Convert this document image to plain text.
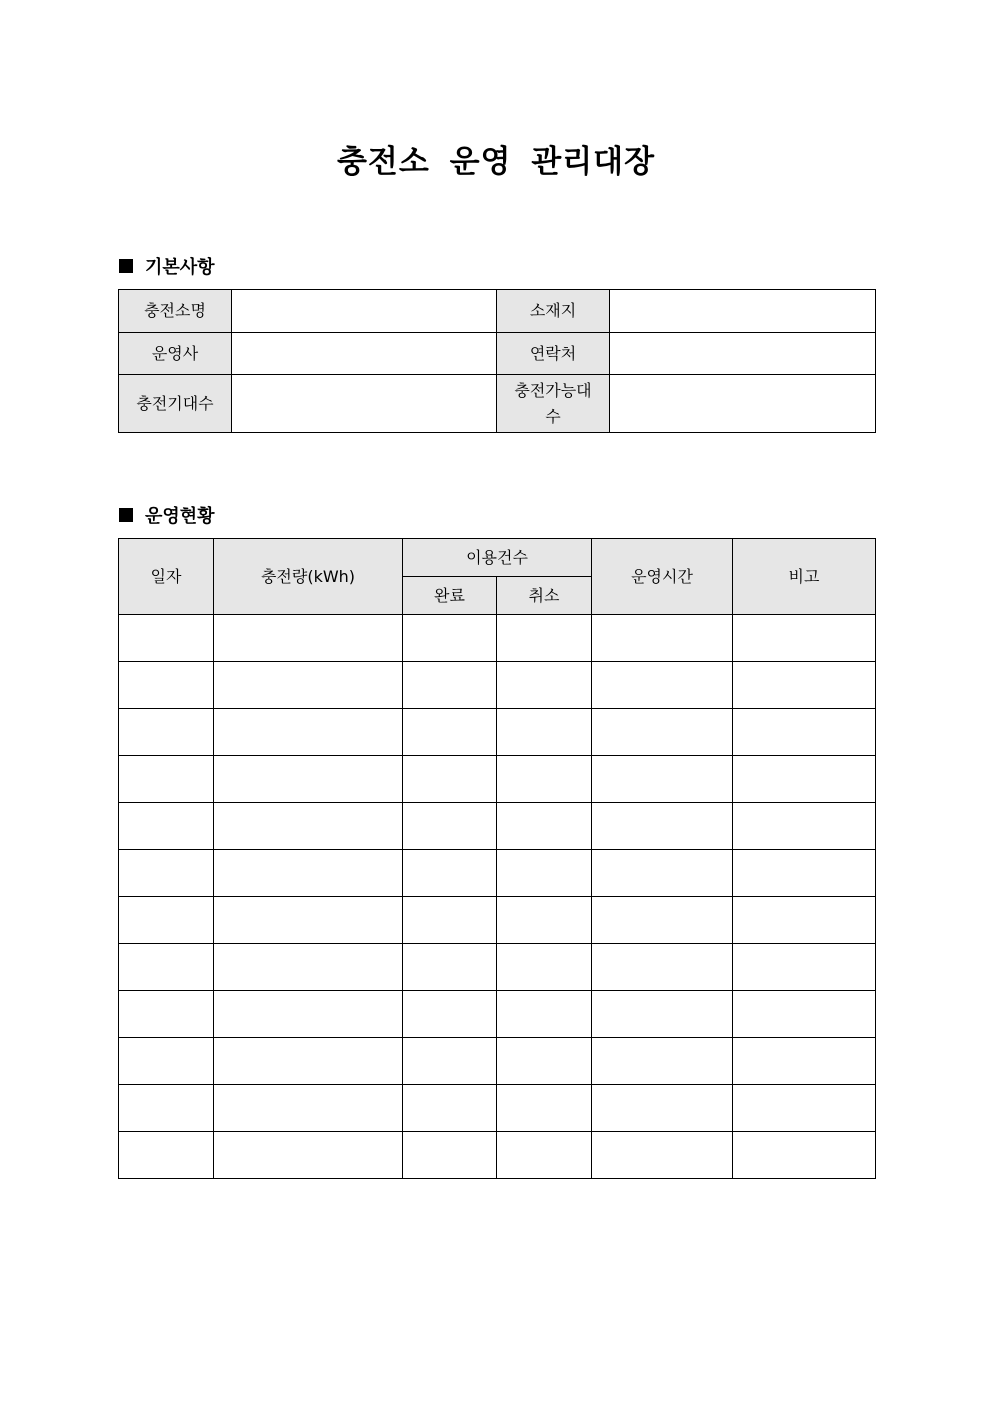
충전소 운영 관리대장
기본사항
충전소명		소재지	
운영사		연락처	
충전기대수		충전가능대수	
운영현황
일자	충전량(kWh)	이용건수		운영시간	비고
		완료	취소		
